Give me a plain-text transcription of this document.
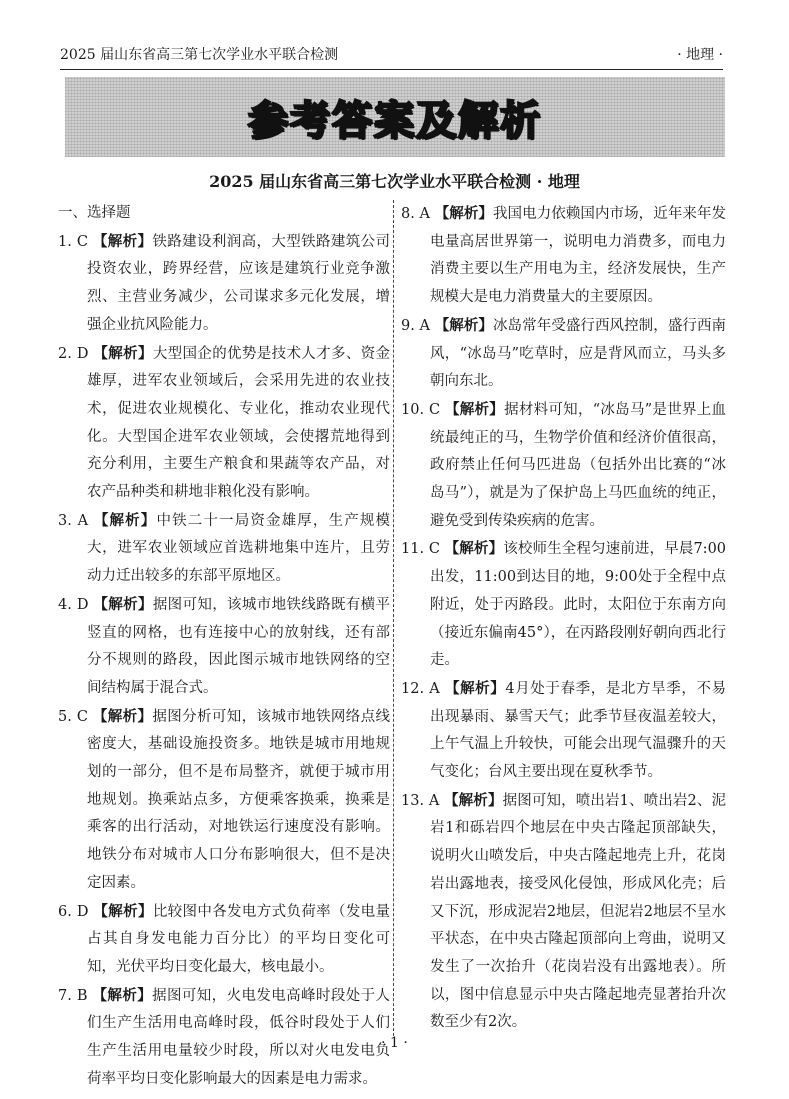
2025 届山东省高三第七次学业水平联合检测	· 地理 ·
参考答案及解析
2025 届山东省高三第七次学业水平联合检测 · 地理

一、选择题

1. C 【解析】铁路建设利润高，大型铁路建筑公司投资农业，跨界经营，应该是建筑行业竞争激烈、主营业务减少，公司谋求多元化发展，增强企业抗风险能力。

2. D 【解析】大型国企的优势是技术人才多、资金雄厚，进军农业领域后，会采用先进的农业技术，促进农业规模化、专业化，推动农业现代化。大型国企进军农业领域，会使撂荒地得到充分利用，主要生产粮食和果蔬等农产品，对农产品种类和耕地非粮化没有影响。

3. A 【解析】中铁二十一局资金雄厚，生产规模大，进军农业领域应首选耕地集中连片，且劳动力迁出较多的东部平原地区。

4. D 【解析】据图可知，该城市地铁线路既有横平竖直的网格，也有连接中心的放射线，还有部分不规则的路段，因此图示城市地铁网络的空间结构属于混合式。

5. C 【解析】据图分析可知，该城市地铁网络点线密度大，基础设施投资多。地铁是城市用地规划的一部分，但不是布局整齐，就便于城市用地规划。换乘站点多，方便乘客换乘，换乘是乘客的出行活动，对地铁运行速度没有影响。地铁分布对城市人口分布影响很大，但不是决定因素。

6. D 【解析】比较图中各发电方式负荷率（发电量占其自身发电能力百分比）的平均日变化可知，光伏平均日变化最大，核电最小。

7. B 【解析】据图可知，火电发电高峰时段处于人们生产生活用电高峰时段，低谷时段处于人们生产生活用电量较少时段，所以对火电发电负荷率平均日变化影响最大的因素是电力需求。

8. A 【解析】我国电力依赖国内市场，近年来年发电量高居世界第一，说明电力消费多，而电力消费主要以生产用电为主，经济发展快，生产规模大是电力消费量大的主要原因。

9. A 【解析】冰岛常年受盛行西风控制，盛行西南风，“冰岛马”吃草时，应是背风而立，马头多朝向东北。

10. C 【解析】据材料可知，“冰岛马”是世界上血统最纯正的马，生物学价值和经济价值很高，政府禁止任何马匹进岛（包括外出比赛的“冰岛马”），就是为了保护岛上马匹血统的纯正，避免受到传染疾病的危害。

11. C 【解析】该校师生全程匀速前进，早晨7:00出发，11:00到达目的地，9:00处于全程中点附近，处于丙路段。此时，太阳位于东南方向（接近东偏南45°），在丙路段刚好朝向西北行走。

12. A 【解析】4月处于春季，是北方旱季，不易出现暴雨、暴雪天气；此季节昼夜温差较大，上午气温上升较快，可能会出现气温骤升的天气变化；台风主要出现在夏秋季节。

13. A 【解析】据图可知，喷出岩1、喷出岩2、泥岩1和砾岩四个地层在中央古隆起顶部缺失，说明火山喷发后，中央古隆起地壳上升，花岗岩出露地表，接受风化侵蚀，形成风化壳；后又下沉，形成泥岩2地层，但泥岩2地层不呈水平状态，在中央古隆起顶部向上弯曲，说明又发生了一次抬升（花岗岩没有出露地表）。所以，图中信息显示中央古隆起地壳显著抬升次数至少有2次。

· 1 ·
